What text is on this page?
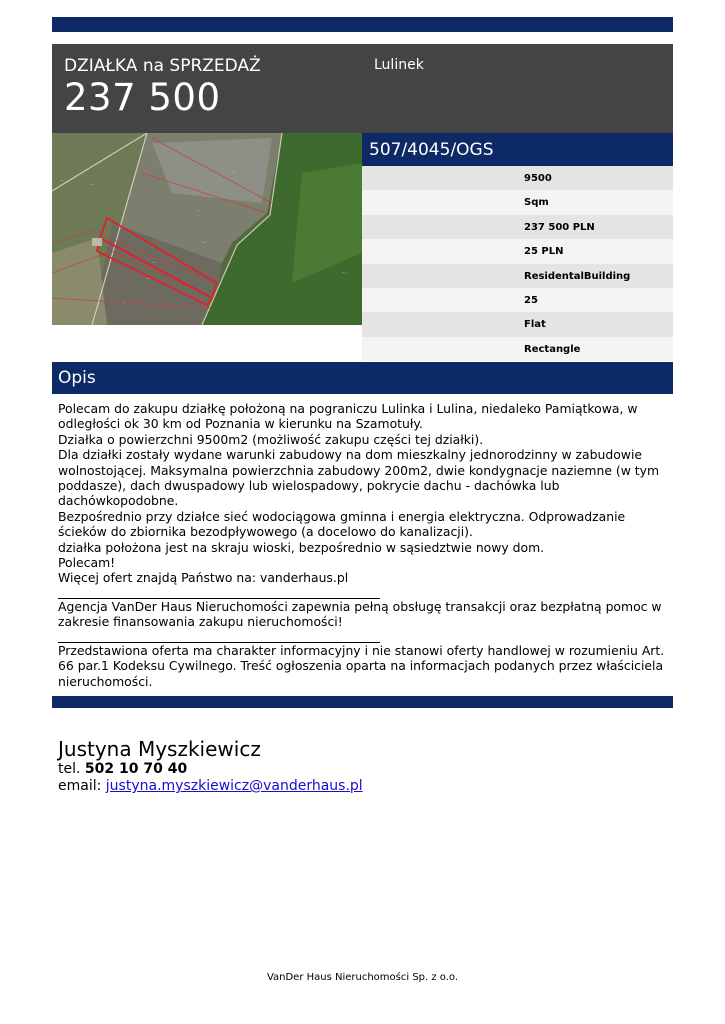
DZIAŁKA na SPRZEDAŻ
237 500
Lulinek
...
...
...
...
...
...
...
...
...
507/4045/OGS
9500
Sqm
237 500 PLN
25 PLN
ResidentalBuilding
25
Flat
Rectangle
Opis

Polecam do zakupu działkę położoną na pograniczu Lulinka i Lulina, niedaleko Pamiątkowa, w odległości ok 30 km od Poznania w kierunku na Szamotuły.

Działka o powierzchni 9500m2 (możliwość zakupu części tej działki).

Dla działki zostały wydane warunki zabudowy na dom mieszkalny jednorodzinny w zabudowie wolnostojącej. Maksymalna powierzchnia zabudowy 200m2, dwie kondygnacje naziemne (w tym poddasze), dach dwuspadowy lub wielospadowy, pokrycie dachu - dachówka lub dachówkopodobne.

Bezpośrednio przy działce sieć wodociągowa gminna i energia elektryczna. Odprowadzanie ścieków do zbiornika bezodpływowego (a docelowo do kanalizacji).

działka położona jest na skraju wioski, bezpośrednio w sąsiedztwie nowy dom.

Polecam!

Więcej ofert znajdą Państwo na: vanderhaus.pl

Agencja VanDer Haus Nieruchomości zapewnia pełną obsługę transakcji oraz bezpłatną pomoc w zakresie finansowania zakupu nieruchomości!

Przedstawiona oferta ma charakter informacyjny i nie stanowi oferty handlowej w rozumieniu Art. 66 par.1 Kodeksu Cywilnego. Treść ogłoszenia oparta na informacjach podanych przez właściciela nieruchomości.

Justyna Myszkiewicz
tel. 502 10 70 40
email: justyna.myszkiewicz@vanderhaus.pl
VanDer Haus Nieruchomości Sp. z o.o.
